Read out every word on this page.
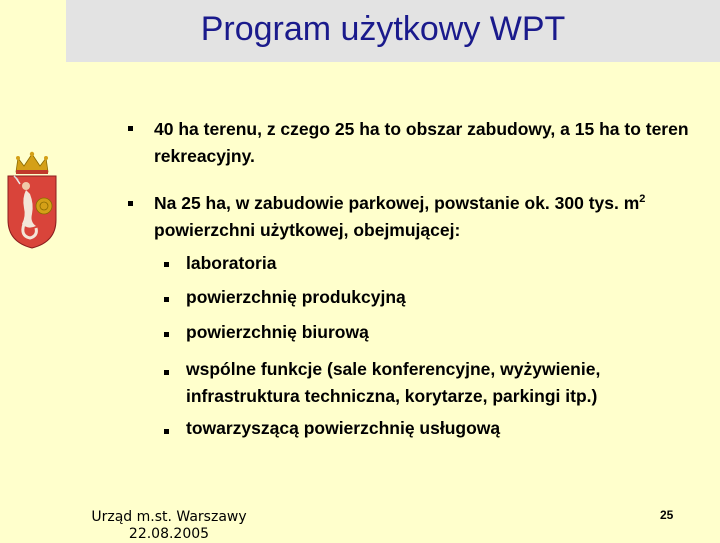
Program użytkowy WPT
40 ha terenu, z czego 25 ha to obszar zabudowy, a 15 ha to teren rekreacyjny.
Na 25 ha, w zabudowie parkowej, powstanie ok. 300 tys. $m^2$ powierzchni użytkowej, obejmującej:
laboratoria
powierzchnię produkcyjną
powierzchnię biurową
wspólne funkcje (sale konferencyjne, wyżywienie, infrastruktura techniczna, korytarze, parkingi itp.)
towarzyszącą powierzchnię usługową
Urząd m.st. Warszawy
22.08.2005
25
